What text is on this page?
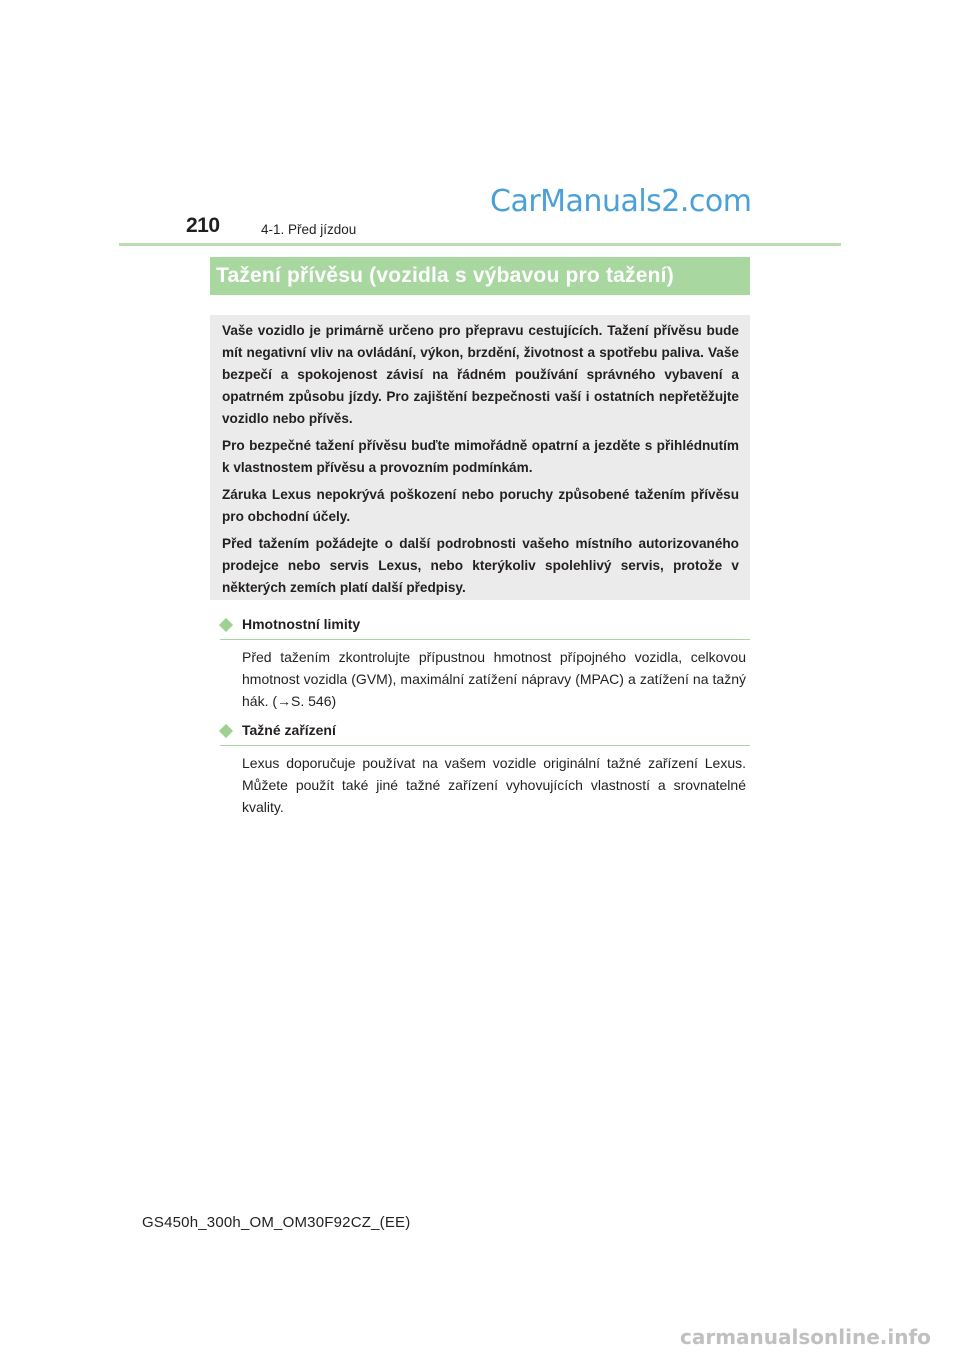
210	4-1. Před jízdou
CarManuals2.com
Tažení přívěsu (vozidla s výbavou pro tažení)

Vaše vozidlo je primárně určeno pro přepravu cestujících. Tažení přívěsu bude mít negativní vliv na ovládání, výkon, brzdění, životnost a spotřebu paliva. Vaše bezpečí a spokojenost závisí na řádném používání správného vybavení a opatrném způsobu jízdy. Pro zajištění bezpečnosti vaší i ostatních nepřetěžujte vozidlo nebo přívěs.

Pro bezpečné tažení přívěsu buďte mimořádně opatrní a jezděte s přihlédnutím k vlastnostem přívěsu a provozním podmínkám.

Záruka Lexus nepokrývá poškození nebo poruchy způsobené tažením přívěsu pro obchodní účely.

Před tažením požádejte o další podrobnosti vašeho místního autorizovaného prodejce nebo servis Lexus, nebo kterýkoliv spolehlivý servis, protože v některých zemích platí další předpisy.

Hmotnostní limity

Před tažením zkontrolujte přípustnou hmotnost přípojného vozidla, celkovou hmotnost vozidla (GVM), maximální zatížení nápravy (MPAC) a zatížení na tažný hák. (→S. 546)

Tažné zařízení

Lexus doporučuje používat na vašem vozidle originální tažné zařízení Lexus. Můžete použít také jiné tažné zařízení vyhovujících vlastností a srovnatelné kvality.

GS450h_300h_OM_OM30F92CZ_(EE)
carmanualsonline.info
